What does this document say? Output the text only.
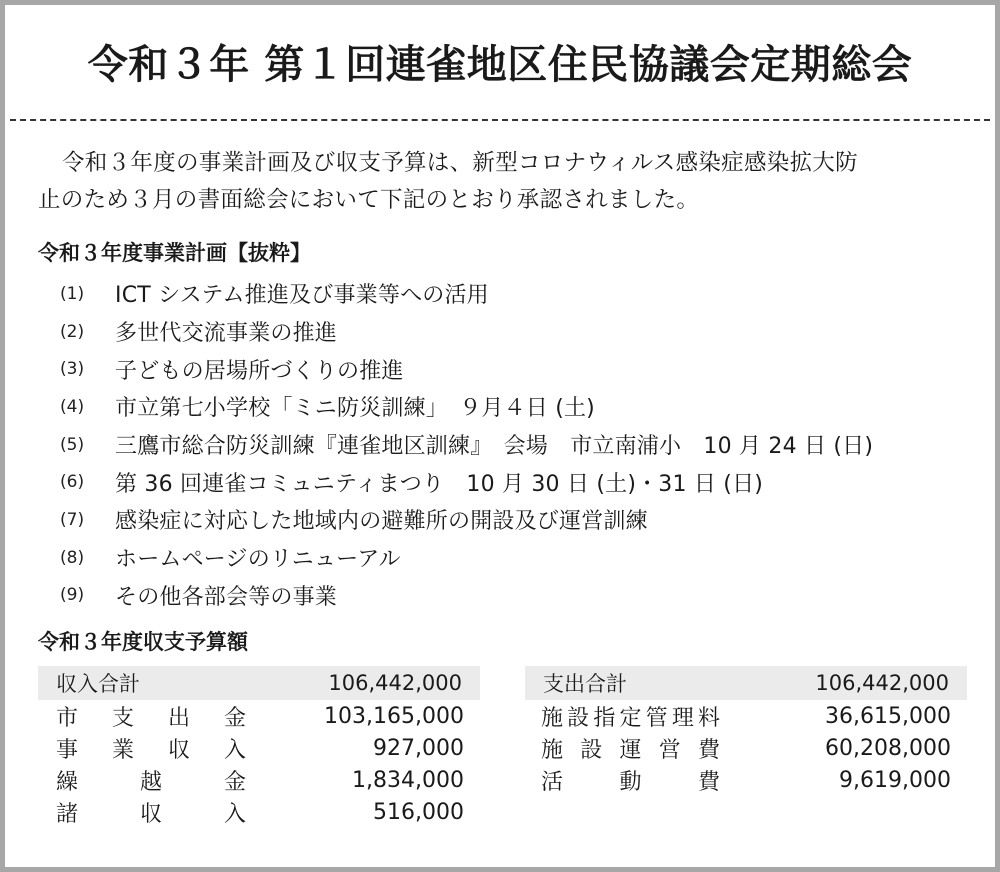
令和３年 第１回連雀地区住民協議会定期総会
令和３年度の事業計画及び収支予算は、新型コロナウィルス感染症感染拡大防
止のため３月の書面総会において下記のとおり承認されました。
令和３年度事業計画【抜粋】
(1)	ICT システム推進及び事業等への活用
(2)	多世代交流事業の推進
(3)	子どもの居場所づくりの推進
(4)	市立第七小学校「ミニ防災訓練」　９月４日 (土)
(5)	三鷹市総合防災訓練『連雀地区訓練』　会場　市立南浦小　10 月 24 日 (日)
(6)	第 36 回連雀コミュニティまつり　10 月 30 日 (土)・31 日 (日)
(7)	感染症に対応した地域内の避難所の開設及び運営訓練
(8)	ホームページのリニューアル
(9)	その他各部会等の事業
令和３年度収支予算額
収入合計	106,442,000
市支出金	103,165,000
事業収入	927,000
繰越金	1,834,000
諸収入	516,000
支出合計	106,442,000
施設指定管理料	36,615,000
施設運営費	60,208,000
活動費	9,619,000
